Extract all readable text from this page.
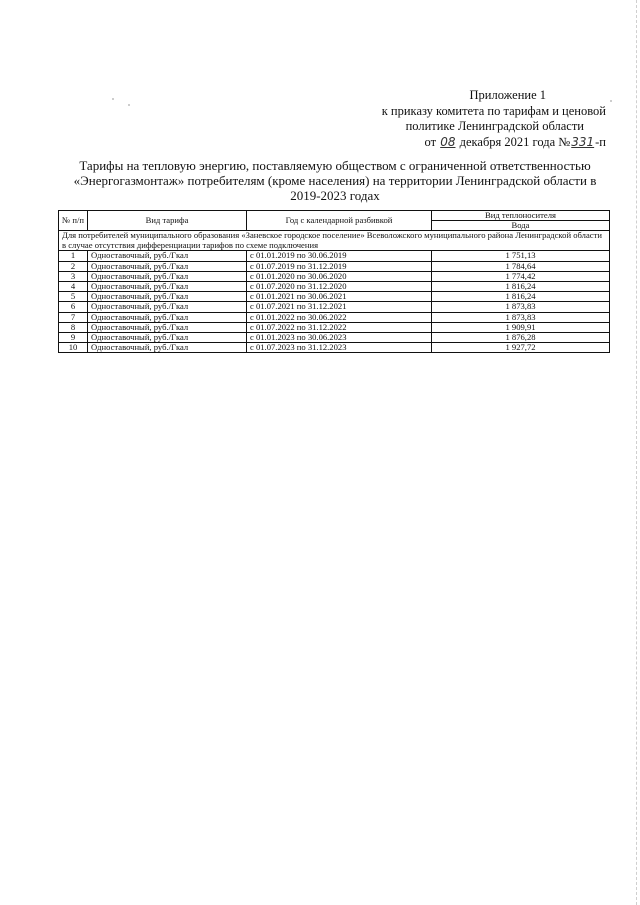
Приложение 1
к приказу комитета по тарифам и ценовой
политике Ленинградской области
от 08 декабря 2021 года №331-п
Тарифы на тепловую энергию, поставляемую обществом с ограниченной ответственностью «Энергогазмонтаж» потребителям (кроме населения) на территории Ленинградской области в 2019-2023 годах
№ п/п	Вид тарифа	Год с календарной разбивкой	Вид теплоносителя
			Вода
Для потребителей муниципального образования «Заневское городское поселение» Всеволожского муниципального района Ленинградской области в случае отсутствия дифференциации тарифов по схеме подключения			
1	Одноставочный, руб./Гкал	с 01.01.2019 по 30.06.2019	1 751,13
2	Одноставочный, руб./Гкал	с 01.07.2019 по 31.12.2019	1 784,64
3	Одноставочный, руб./Гкал	с 01.01.2020 по 30.06.2020	1 774,42
4	Одноставочный, руб./Гкал	с 01.07.2020 по 31.12.2020	1 816,24
5	Одноставочный, руб./Гкал	с 01.01.2021 по 30.06.2021	1 816,24
6	Одноставочный, руб./Гкал	с 01.07.2021 по 31.12.2021	1 873,83
7	Одноставочный, руб./Гкал	с 01.01.2022 по 30.06.2022	1 873,83
8	Одноставочный, руб./Гкал	с 01.07.2022 по 31.12.2022	1 909,91
9	Одноставочный, руб./Гкал	с 01.01.2023 по 30.06.2023	1 876,28
10	Одноставочный, руб./Гкал	с 01.07.2023 по 31.12.2023	1 927,72
